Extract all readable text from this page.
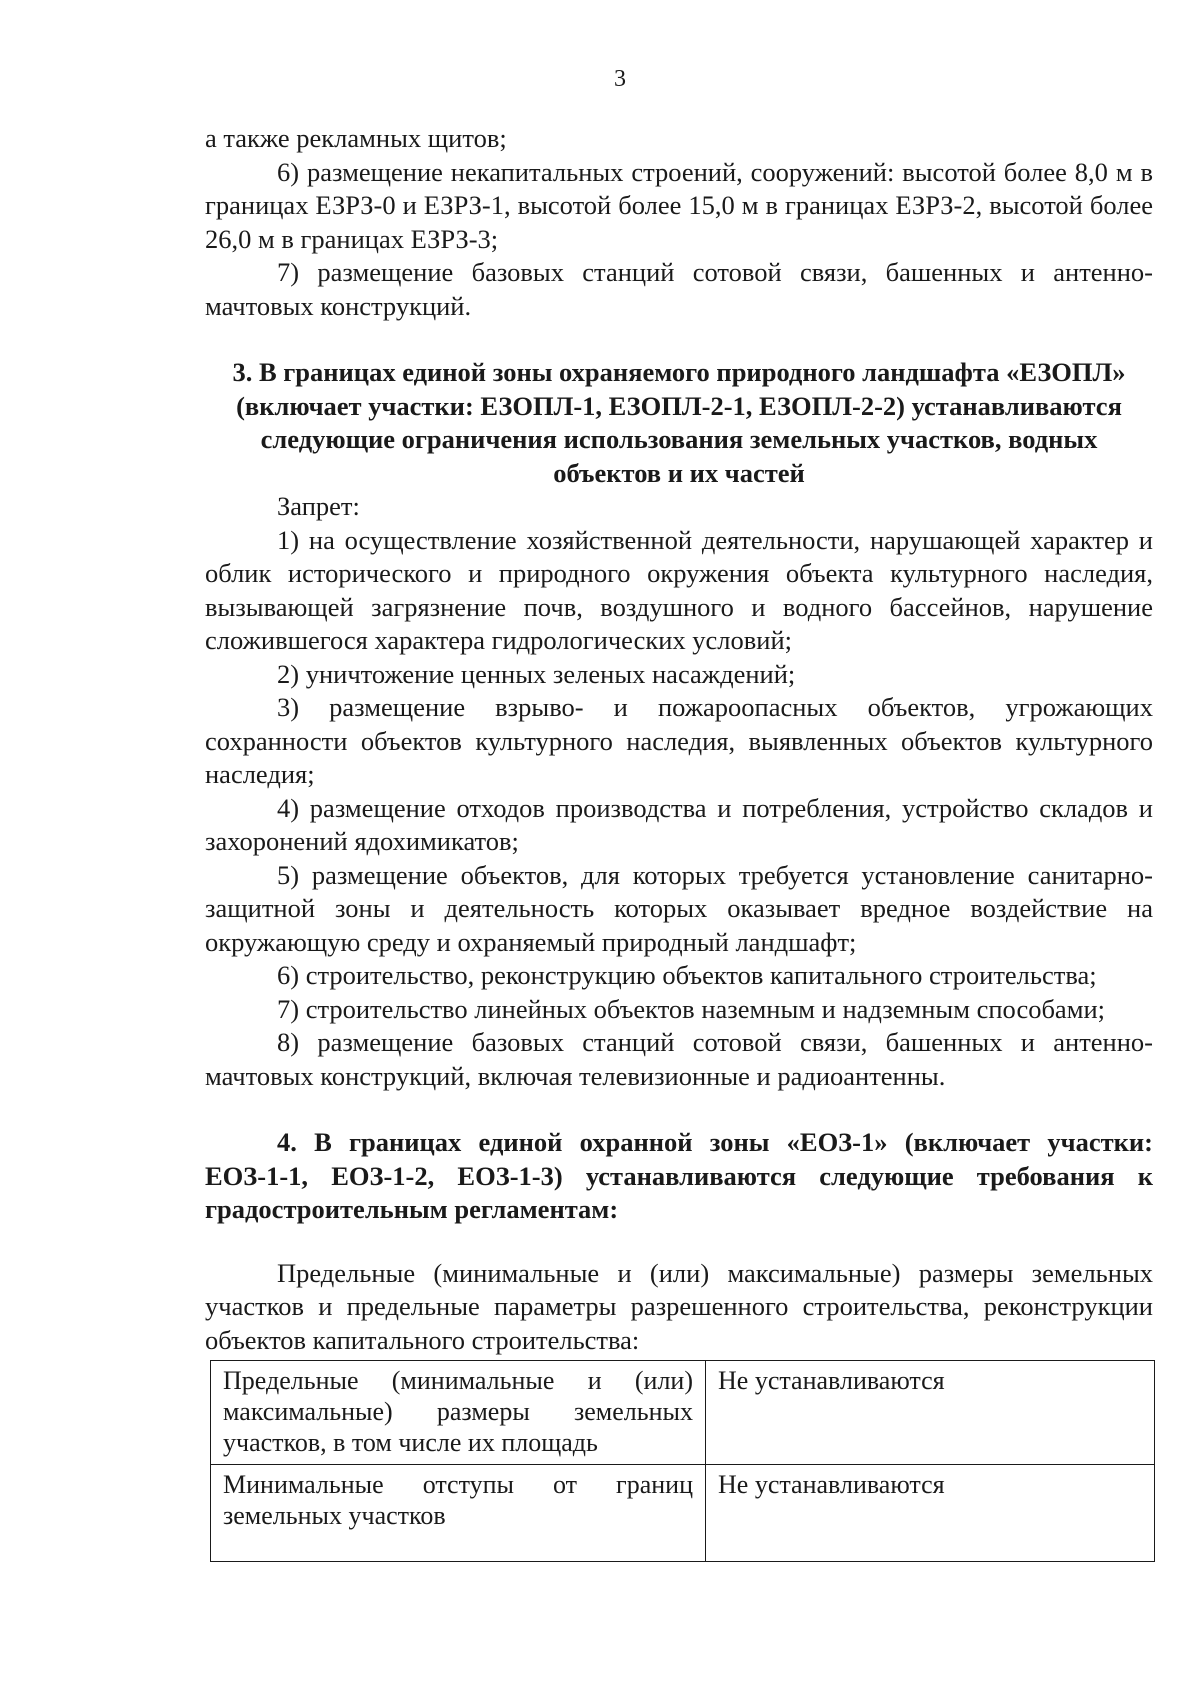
3

а также рекламных щитов;

6) размещение некапитальных строений, сооружений: высотой более 8,0 м в границах ЕЗРЗ-0 и ЕЗРЗ-1, высотой более 15,0 м в границах ЕЗРЗ-2, высотой более 26,0 м в границах ЕЗРЗ-3;

7) размещение базовых станций сотовой связи, башенных и антенно-мачтовых конструкций.

3. В границах единой зоны охраняемого природного ландшафта «ЕЗОПЛ» (включает участки: ЕЗОПЛ-1, ЕЗОПЛ-2-1, ЕЗОПЛ-2-2) устанавливаются следующие ограничения использования земельных участков, водных объектов и их частей

Запрет:

1) на осуществление хозяйственной деятельности, нарушающей характер и облик исторического и природного окружения объекта культурного наследия, вызывающей загрязнение почв, воздушного и водного бассейнов, нарушение сложившегося характера гидрологических условий;

2) уничтожение ценных зеленых насаждений;

3) размещение взрыво- и пожароопасных объектов, угрожающих сохранности объектов культурного наследия, выявленных объектов культурного наследия;

4) размещение отходов производства и потребления, устройство складов и захоронений ядохимикатов;

5) размещение объектов, для которых требуется установление санитарно-защитной зоны и деятельность которых оказывает вредное воздействие на окружающую среду и охраняемый природный ландшафт;

6) строительство, реконструкцию объектов капитального строительства;

7) строительство линейных объектов наземным и надземным способами;

8) размещение базовых станций сотовой связи, башенных и антенно-мачтовых конструкций, включая телевизионные и радиоантенны.

4. В границах единой охранной зоны «ЕОЗ-1» (включает участки: ЕОЗ-1-1, ЕОЗ-1-2, ЕОЗ-1-3) устанавливаются следующие требования к градостроительным регламентам:

Предельные (минимальные и (или) максимальные) размеры земельных участков и предельные параметры разрешенного строительства, реконструкции объектов капитального строительства:

Предельные (минимальные и (или) максимальные) размеры земельных участков, в том числе их площадь	Не устанавливаются
Минимальные отступы от границ земельных участков	Не устанавливаются
